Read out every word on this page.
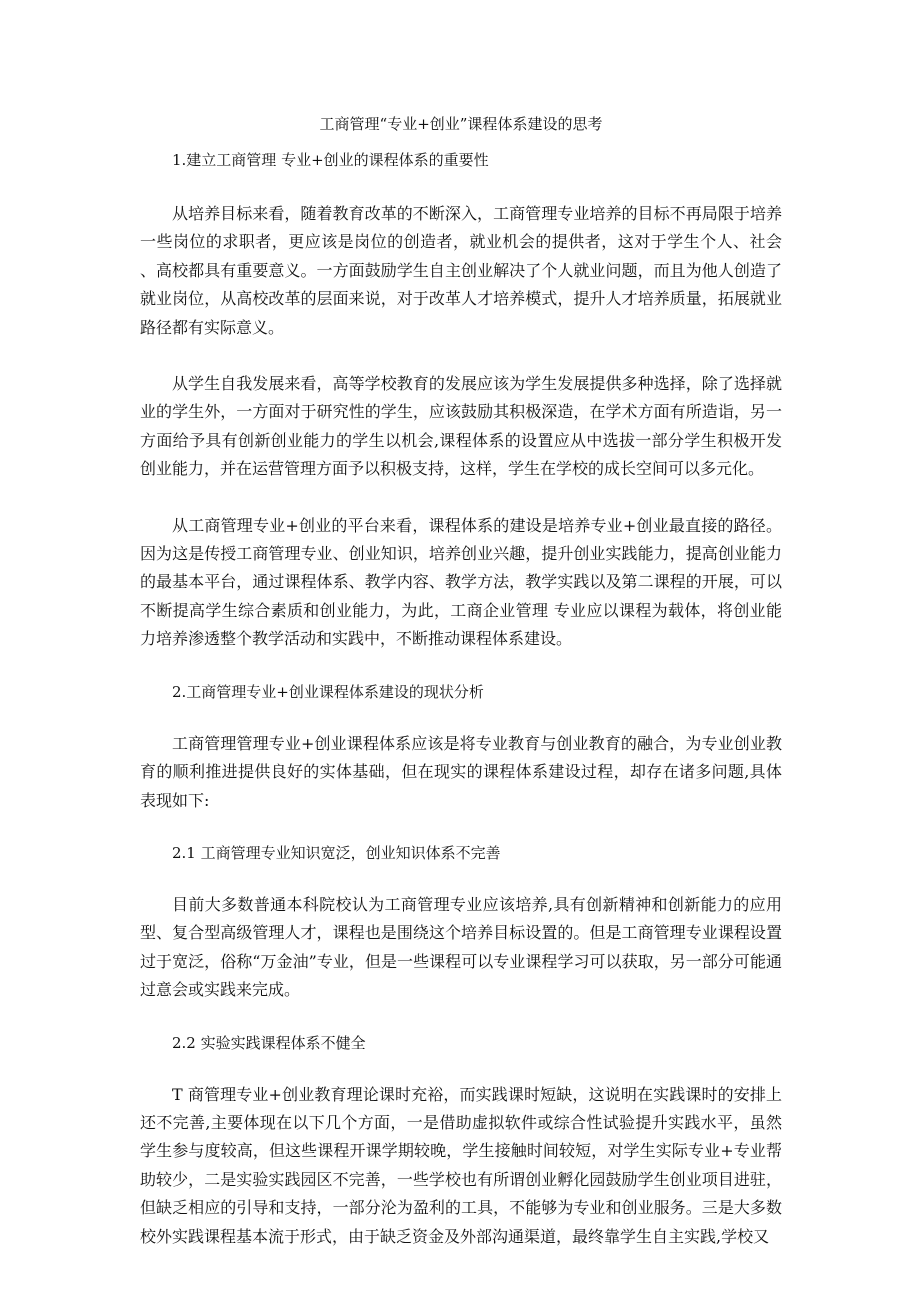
工商管理“专业+创业”课程体系建设的思考
1.建立工商管理 专业+创业的课程体系的重要性

从培养目标来看，随着教育改革的不断深入，工商管理专业培养的目标不再局限于培养一些岗位的求职者，更应该是岗位的创造者，就业机会的提供者，这对于学生个人、社会 、高校都具有重要意义。一方面鼓励学生自主创业解决了个人就业问题，而且为他人创造了就业岗位，从高校改革的层面来说，对于改革人才培养模式，提升人才培养质量，拓展就业路径都有实际意义。

从学生自我发展来看，高等学校教育的发展应该为学生发展提供多种选择，除了选择就业的学生外，一方面对于研究性的学生，应该鼓励其积极深造，在学术方面有所造诣，另一方面给予具有创新创业能力的学生以机会,课程体系的设置应从中选拔一部分学生积极开发创业能力，并在运营管理方面予以积极支持，这样，学生在学校的成长空间可以多元化。

从工商管理专业+创业的平台来看，课程体系的建设是培养专业+创业最直接的路径。因为这是传授工商管理专业、创业知识，培养创业兴趣，提升创业实践能力，提高创业能力的最基本平台，通过课程体系、教学内容、教学方法，教学实践以及第二课程的开展，可以不断提高学生综合素质和创业能力，为此，工商企业管理 专业应以课程为载体，将创业能力培养渗透整个教学活动和实践中，不断推动课程体系建设。

2.工商管理专业+创业课程体系建设的现状分析

工商管理管理专业+创业课程体系应该是将专业教育与创业教育的融合，为专业创业教育的顺利推进提供良好的实体基础，但在现实的课程体系建设过程，却存在诸多问题,具体表现如下:

2.1 工商管理专业知识宽泛，创业知识体系不完善

目前大多数普通本科院校认为工商管理专业应该培养,具有创新精神和创新能力的应用型、复合型高级管理人才，课程也是围绕这个培养目标设置的。但是工商管理专业课程设置过于宽泛，俗称“万金油”专业，但是一些课程可以专业课程学习可以获取，另一部分可能通过意会或实践来完成。

2.2 实验实践课程体系不健全

T 商管理专业+创业教育理论课时充裕，而实践课时短缺，这说明在实践课时的安排上还不完善,主要体现在以下几个方面，一是借助虚拟软件或综合性试验提升实践水平，虽然学生参与度较高，但这些课程开课学期较晚，学生接触时间较短，对学生实际专业+专业帮助较少，二是实验实践园区不完善，一些学校也有所谓创业孵化园鼓励学生创业项目进驻，但缺乏相应的引导和支持，一部分沦为盈利的工具，不能够为专业和创业服务。三是大多数校外实践课程基本流于形式，由于缺乏资金及外部沟通渠道，最终靠学生自主实践,学校又
